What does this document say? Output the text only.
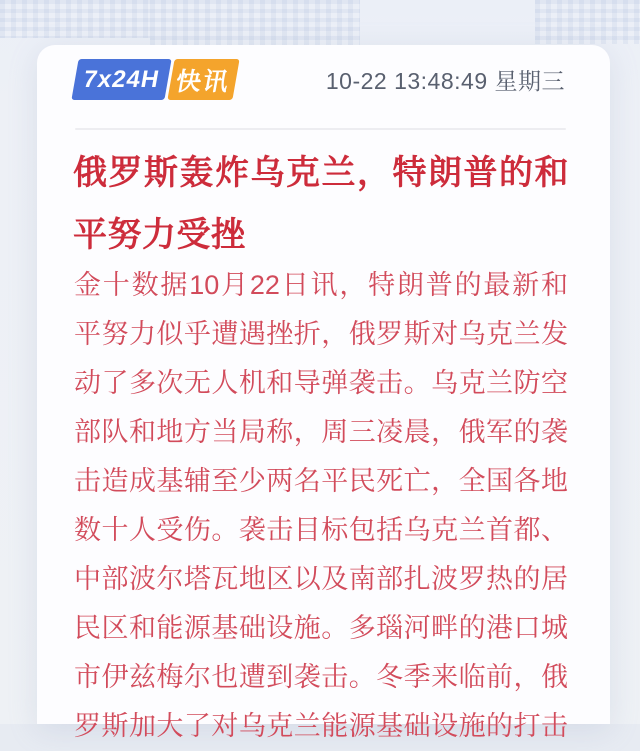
7x24H 快讯	10-22 13:48:49 星期三
俄罗斯轰炸乌克兰，特朗普的和
平努力受挫
金十数据10月22日讯，特朗普的最新和
平努力似乎遭遇挫折，俄罗斯对乌克兰发
动了多次无人机和导弹袭击。乌克兰防空
部队和地方当局称，周三凌晨，俄军的袭
击造成基辅至少两名平民死亡，全国各地
数十人受伤。袭击目标包括乌克兰首都、
中部波尔塔瓦地区以及南部扎波罗热的居
民区和能源基础设施。多瑙河畔的港口城
市伊兹梅尔也遭到袭击。冬季来临前，俄
罗斯加大了对乌克兰能源基础设施的打击
